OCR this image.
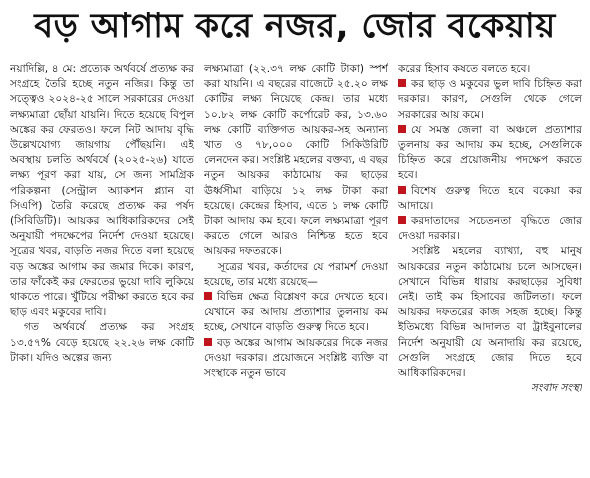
বড় আগাম করে নজর, জোর বকেয়ায়

নয়াদিল্লি, ৪ মে: প্রত্যেক অর্থবর্ষে প্রত্যক্ষ কর সংগ্রহে তৈরি হচ্ছে নতুন নজির। কিন্তু তা সত্ত্বেও ২০২৪-২৫ সালে সরকারের দেওয়া লক্ষ্যমাত্রা ছোঁয়া যায়নি। দিতে হয়েছে বিপুল অঙ্কের কর ফেরতও। ফলে নিট আদায় বৃদ্ধি উল্লেখযোগ্য জায়গায় পৌঁছয়নি। এই অবস্থায় চলতি অর্থবর্ষে (২০২৫-২৬) যাতে লক্ষ্য পূরণ করা যায়, সে জন্য সামগ্রিক পরিকল্পনা (সেন্ট্রাল অ্যাকশন প্ল্যান বা সিএপি) তৈরি করেছে প্রত্যক্ষ কর পর্ষদ (সিবিডিটি)। আয়কর আধিকারিকদের সেই অনুযায়ী পদক্ষেপের নির্দেশ দেওয়া হয়েছে। সূত্রের খবর, বাড়তি নজর দিতে বলা হয়েছে বড় অঙ্কের আগাম কর জমার দিকে। কারণ, তার ফাঁকেই কর ফেরতের ভুয়ো দাবি লুকিয়ে থাকতে পারে। খুঁটিয়ে পরীক্ষা করতে হবে কর ছাড় এবং মকুবের দাবি।

গত অর্থবর্ষে প্রত্যক্ষ কর সংগ্রহ ১৩.৫৭% বেড়ে হয়েছে ২২.২৬ লক্ষ কোটি টাকা। যদিও অল্পের জন্য

লক্ষ্যমাত্রা (২২.৩৭ লক্ষ কোটি টাকা) স্পর্শ করা যায়নি। এ বছরের বাজেটে ২৫.২০ লক্ষ কোটির লক্ষ্য নিয়েছে কেন্দ্র। তার মধ্যে ১০.৮২ লক্ষ কোটি কর্পোরেট কর, ১৩.৬০ লক্ষ কোটি ব্যক্তিগত আয়কর-সহ অন্যান্য খাত ও ৭৮,০০০ কোটি সিকিউরিটি লেনদেন কর। সংশ্লিষ্ট মহলের বক্তব্য, এ বছর নতুন আয়কর কাঠামোয় কর ছাড়ের ঊর্ধ্বসীমা বাড়িয়ে ১২ লক্ষ টাকা করা হয়েছে। কেন্দ্রের হিসাব, এতে ১ লক্ষ কোটি টাকা আদায় কম হবে। ফলে লক্ষ্যমাত্রা পূরণ করতে গেলে আরও নিশ্চিন্ত হতে হবে আয়কর দফতরকে।

সূত্রের খবর, কর্তাদের যে পরামর্শ দেওয়া হয়েছে, তার মধ্যে রয়েছে—

বিভিন্ন ক্ষেত্র বিশ্লেষণ করে দেখতে হবে। যেখানে কর আদায় প্রত্যাশার তুলনায় কম হচ্ছে, সেখানে বাড়তি গুরুত্ব দিতে হবে।

বড় অঙ্কের আগাম আয়করের দিকে নজর দেওয়া দরকার। প্রয়োজনে সংশ্লিষ্ট ব্যক্তি বা সংস্থাকে নতুন ভাবে

করের হিসাব কষতে বলতে হবে।

কর ছাড় ও মকুবের ভুল দাবি চিহ্নিত করা দরকার। কারণ, সেগুলি থেকে গেলে সরকারের আয় কমে।

যে সমস্ত জেলা বা অঞ্চলে প্রত্যাশার তুলনায় কর আদায় কম হচ্ছে, সেগুলিকে চিহ্নিত করে প্রয়োজনীয় পদক্ষেপ করতে হবে।

বিশেষ গুরুত্ব দিতে হবে বকেয়া কর আদায়ে।

করদাতাদের সচেতনতা বৃদ্ধিতে জোর দেওয়া দরকার।

সংশ্লিষ্ট মহলের ব্যাখ্যা, বহু মানুষ আয়করের নতুন কাঠামোয় চলে আসছেন। সেখানে বিভিন্ন ধারায় করছাড়ের সুবিধা নেই। তাই কম হিসাবের জটিলতা। ফলে আয়কর দফতরের কাজ সহজ হচ্ছে। কিন্তু ইতিমধ্যে বিভিন্ন আদালত বা ট্রাইবুনালের নির্দেশ অনুযায়ী যে অনাদায়ি কর রয়েছে, সেগুলি সংগ্রহে জোর দিতে হবে আধিকারিকদের।

সংবাদ সংস্থা
